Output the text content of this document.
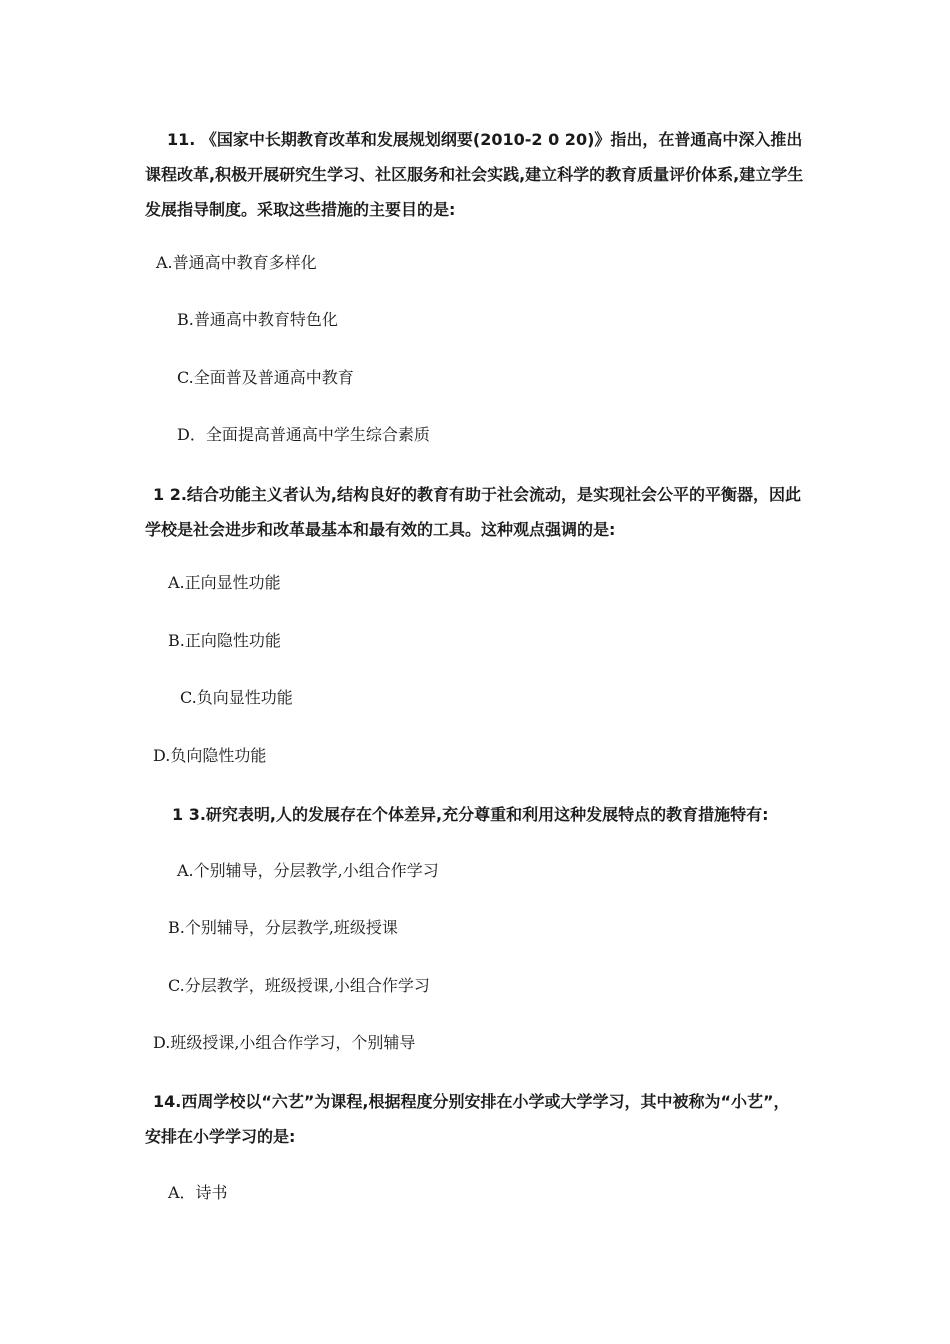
11. 《国家中长期教育改革和发展规划纲要(2010-2 0 20)》指出，在普通高中深入推出课程改革,积极开展研究生学习、社区服务和社会实践,建立科学的教育质量评价体系,建立学生发展指导制度。采取这些措施的主要目的是:

A.普通高中教育多样化

B.普通高中教育特色化

C.全面普及普通高中教育

D．全面提高普通高中学生综合素质

1 2.结合功能主义者认为,结构良好的教育有助于社会流动，是实现社会公平的平衡器，因此学校是社会进步和改革最基本和最有效的工具。这种观点强调的是:

A.正向显性功能

B.正向隐性功能

C.负向显性功能

D.负向隐性功能

1 3.研究表明,人的发展存在个体差异,充分尊重和利用这种发展特点的教育措施特有:

A.个别辅导，分层教学,小组合作学习

B.个别辅导，分层教学,班级授课

C.分层教学，班级授课,小组合作学习

D.班级授课,小组合作学习，个别辅导

14.西周学校以“六艺”为课程,根据程度分别安排在小学或大学学习，其中被称为“小艺”，安排在小学学习的是:

A．诗书
